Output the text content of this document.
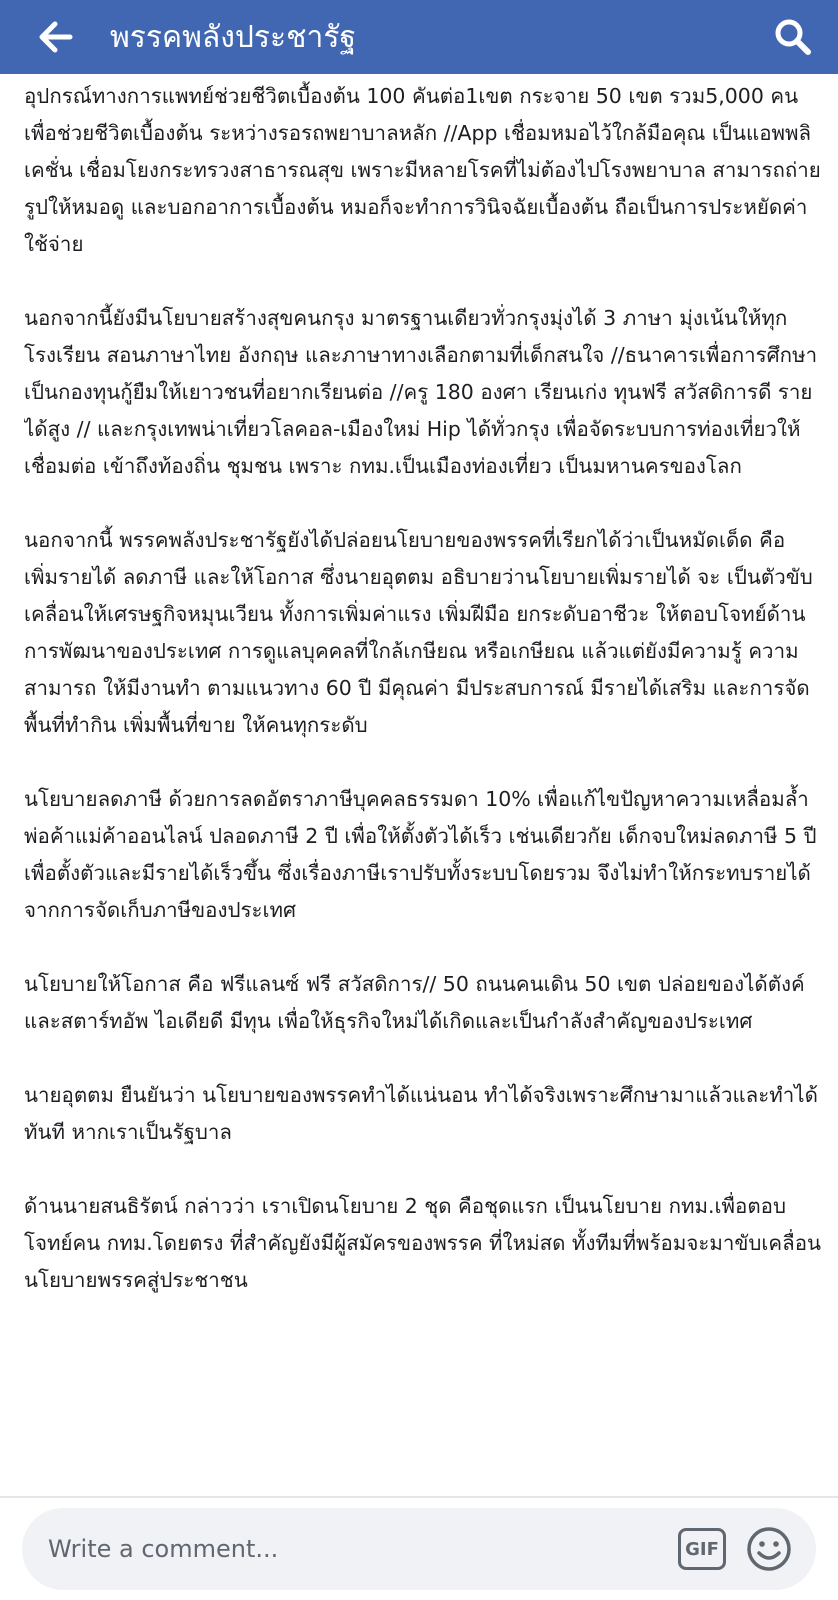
พรรคพลังประชารัฐ

อุปกรณ์ทางการแพทย์ช่วยชีวิตเบื้องต้น 100 คันต่อ1เขต กระจาย 50 เขต รวม5,000 คนเพื่อช่วยชีวิตเบื้องต้น ระหว่างรอรถพยาบาลหลัก //App เชื่อมหมอไว้ใกล้มือคุณ เป็นแอพพลิเคชั่น เชื่อมโยงกระทรวงสาธารณสุข เพราะมีหลายโรคที่ไม่ต้องไปโรงพยาบาล สามารถถ่ายรูปให้หมอดู และบอกอาการเบื้องต้น หมอก็จะทำการวินิจฉัยเบื้องต้น ถือเป็นการประหยัดค่าใช้จ่าย

นอกจากนี้ยังมีนโยบายสร้างสุขคนกรุง มาตรฐานเดียวทั่วกรุงมุ่งได้ 3 ภาษา มุ่งเน้นให้ทุกโรงเรียน สอนภาษาไทย อังกฤษ และภาษาทางเลือกตามที่เด็กสนใจ //ธนาคารเพื่อการศึกษา เป็นกองทุนกู้ยืมให้เยาวชนที่อยากเรียนต่อ //ครู 180 องศา เรียนเก่ง ทุนฟรี สวัสดิการดี รายได้สูง // และกรุงเทพน่าเที่ยวโลคอล-เมืองใหม่ Hip ได้ทั่วกรุง เพื่อจัดระบบการท่องเที่ยวให้เชื่อมต่อ เข้าถึงท้องถิ่น ชุมชน เพราะ กทม.เป็นเมืองท่องเที่ยว เป็นมหานครของโลก

นอกจากนี้ พรรคพลังประชารัฐยังได้ปล่อยนโยบายของพรรคที่เรียกได้ว่าเป็นหมัดเด็ด คือ เพิ่มรายได้ ลดภาษี และให้โอกาส ซึ่งนายอุตตม อธิบายว่านโยบายเพิ่มรายได้ จะ เป็นตัวขับเคลื่อนให้เศรษฐกิจหมุนเวียน ทั้งการเพิ่มค่าแรง เพิ่มฝีมือ ยกระดับอาชีวะ ให้ตอบโจทย์ด้านการพัฒนาของประเทศ การดูแลบุคคลที่ใกล้เกษียณ หรือเกษียณ แล้วแต่ยังมีความรู้ ความสามารถ ให้มีงานทำ ตามแนวทาง 60 ปี มีคุณค่า มีประสบการณ์ มีรายได้เสริม และการจัดพื้นที่ทำกิน เพิ่มพื้นที่ขาย ให้คนทุกระดับ

นโยบายลดภาษี ด้วยการลดอัตราภาษีบุคคลธรรมดา 10% เพื่อแก้ไขปัญหาความเหลื่อมล้ำ พ่อค้าแม่ค้าออนไลน์ ปลอดภาษี 2 ปี เพื่อให้ตั้งตัวได้เร็ว เช่นเดียวกัย เด็กจบใหม่ลดภาษี 5 ปี เพื่อตั้งตัวและมีรายได้เร็วขึ้น ซึ่งเรื่องภาษีเราปรับทั้งระบบโดยรวม จึงไม่ทำให้กระทบรายได้จากการจัดเก็บภาษีของประเทศ

นโยบายให้โอกาส คือ ฟรีแลนซ์ ฟรี สวัสดิการ// 50 ถนนคนเดิน 50 เขต ปล่อยของได้ตังค์ และสตาร์ทอัพ ไอเดียดี มีทุน เพื่อให้ธุรกิจใหม่ได้เกิดและเป็นกำลังสำคัญของประเทศ

นายอุตตม ยืนยันว่า นโยบายของพรรคทำได้แน่นอน ทำได้จริงเพราะศึกษามาแล้วและทำได้ทันที หากเราเป็นรัฐบาล

ด้านนายสนธิรัตน์ กล่าวว่า เราเปิดนโยบาย 2 ชุด คือชุดแรก เป็นนโยบาย กทม.เพื่อตอบโจทย์คน กทม.โดยตรง ที่สำคัญยังมีผู้สมัครของพรรค ที่ใหม่สด ทั้งทีมที่พร้อมจะมาขับเคลื่อนนโยบายพรรคสู่ประชาชน

Write a comment...
GIF
